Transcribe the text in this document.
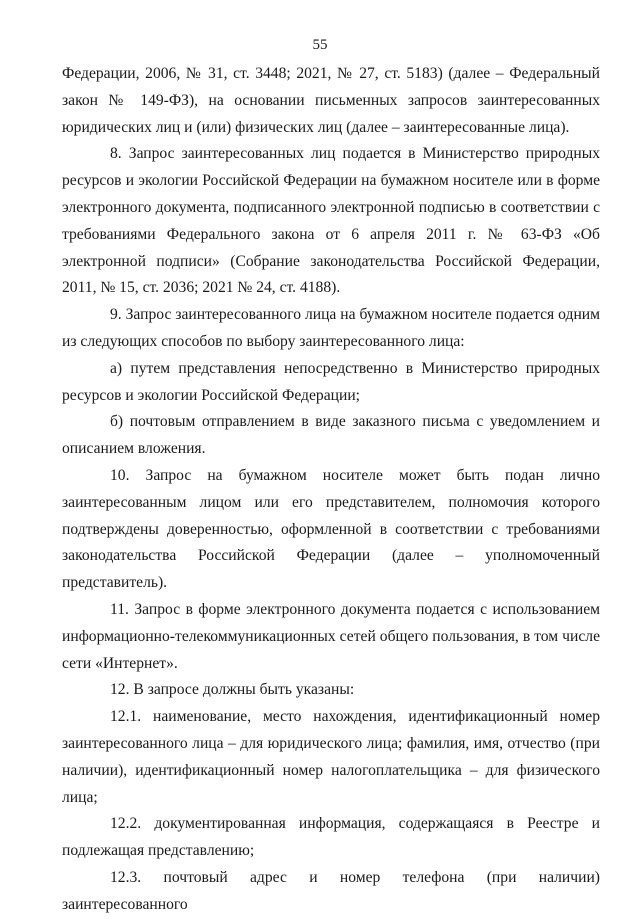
55

Федерации, 2006, № 31, ст. 3448; 2021, № 27, ст. 5183) (далее – Федеральный закон № 149-ФЗ), на основании письменных запросов заинтересованных юридических лиц и (или) физических лиц (далее – заинтересованные лица).

8. Запрос заинтересованных лиц подается в Министерство природных ресурсов и экологии Российской Федерации на бумажном носителе или в форме электронного документа, подписанного электронной подписью в соответствии с требованиями Федерального закона от 6 апреля 2011 г. № 63-ФЗ «Об электронной подписи» (Собрание законодательства Российской Федерации, 2011, № 15, ст. 2036; 2021 № 24, ст. 4188).

9. Запрос заинтересованного лица на бумажном носителе подается одним из следующих способов по выбору заинтересованного лица:

а) путем представления непосредственно в Министерство природных ресурсов и экологии Российской Федерации;

б) почтовым отправлением в виде заказного письма с уведомлением и описанием вложения.

10. Запрос на бумажном носителе может быть подан лично заинтересованным лицом или его представителем, полномочия которого подтверждены доверенностью, оформленной в соответствии с требованиями законодательства Российской Федерации (далее – уполномоченный представитель).

11. Запрос в форме электронного документа подается с использованием информационно-телекоммуникационных сетей общего пользования, в том числе сети «Интернет».

12. В запросе должны быть указаны:

12.1. наименование, место нахождения, идентификационный номер заинтересованного лица – для юридического лица; фамилия, имя, отчество (при наличии), идентификационный номер налогоплательщика – для физического лица;

12.2. документированная информация, содержащаяся в Реестре и подлежащая представлению;

12.3. почтовый адрес и номер телефона (при наличии) заинтересованного
